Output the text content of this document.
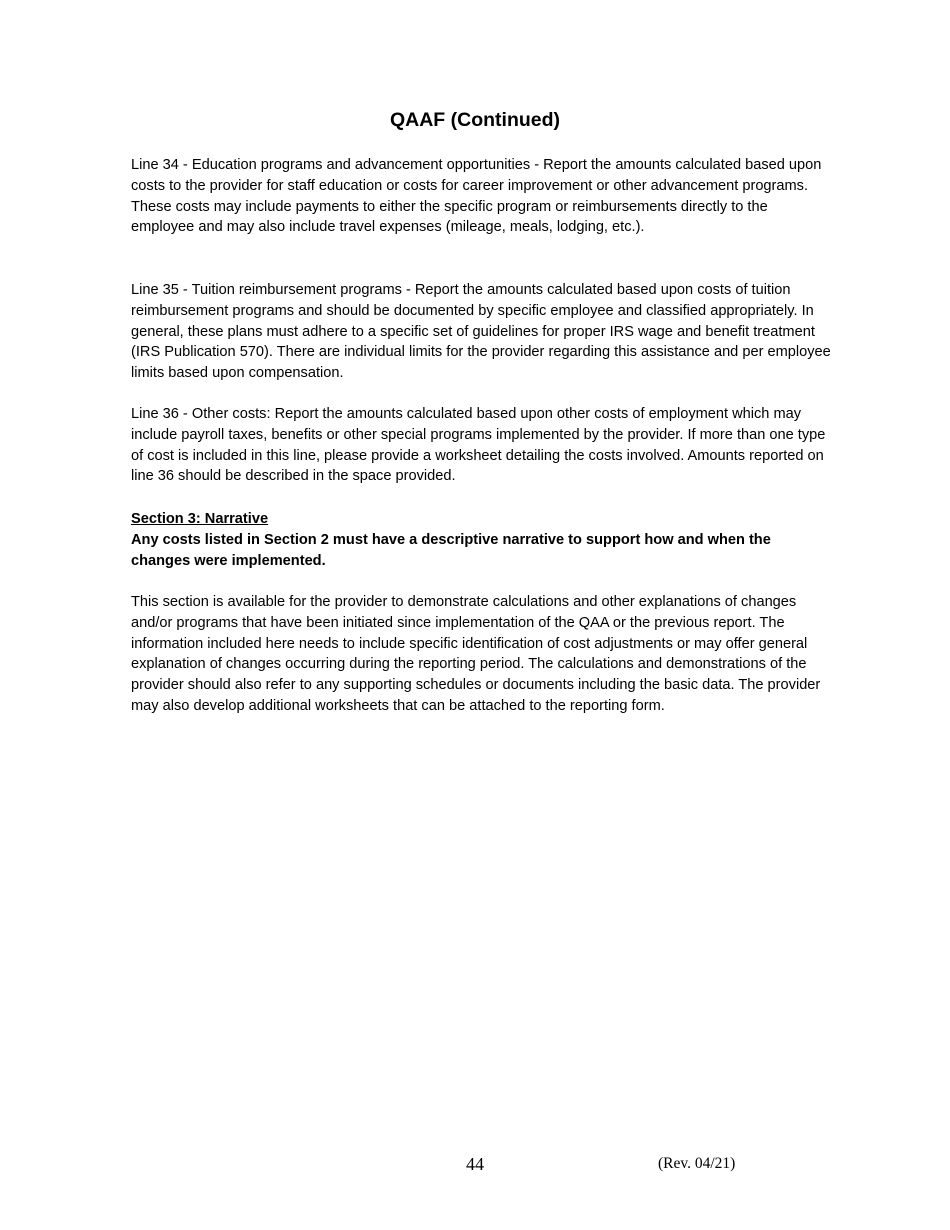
QAAF (Continued)

Line 34 - Education programs and advancement opportunities - Report the amounts calculated based upon costs to the provider for staff education or costs for career improvement or other advancement programs. These costs may include payments to either the specific program or reimbursements directly to the employee and may also include travel expenses (mileage, meals, lodging, etc.).

Line 35 - Tuition reimbursement programs - Report the amounts calculated based upon costs of tuition reimbursement programs and should be documented by specific employee and classified appropriately. In general, these plans must adhere to a specific set of guidelines for proper IRS wage and benefit treatment (IRS Publication 570). There are individual limits for the provider regarding this assistance and per employee limits based upon compensation.

Line 36 - Other costs: Report the amounts calculated based upon other costs of employment which may include payroll taxes, benefits or other special programs implemented by the provider. If more than one type of cost is included in this line, please provide a worksheet detailing the costs involved. Amounts reported on line 36 should be described in the space provided.

Section 3: Narrative

Any costs listed in Section 2 must have a descriptive narrative to support how and when the changes were implemented.

This section is available for the provider to demonstrate calculations and other explanations of changes and/or programs that have been initiated since implementation of the QAA or the previous report. The information included here needs to include specific identification of cost adjustments or may offer general explanation of changes occurring during the reporting period. The calculations and demonstrations of the provider should also refer to any supporting schedules or documents including the basic data. The provider may also develop additional worksheets that can be attached to the reporting form.

44	(Rev. 04/21)
